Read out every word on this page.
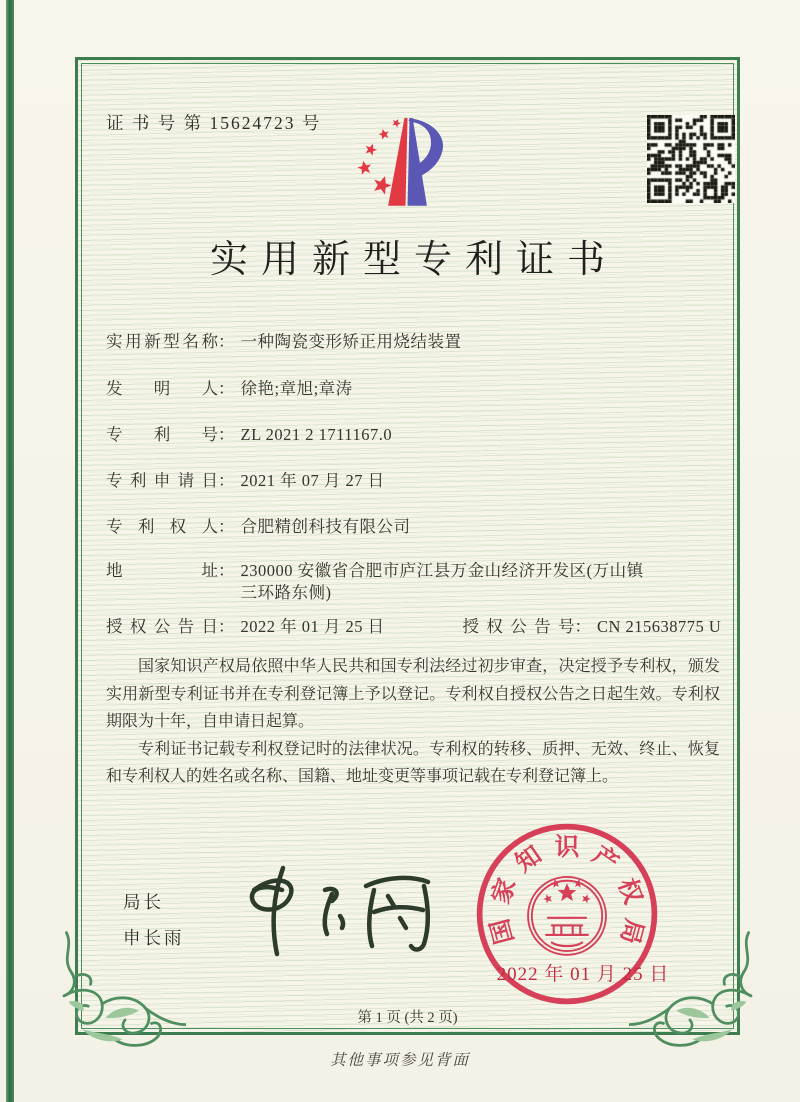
证 书 号 第 15624723 号
实用新型专利证书
实用新型名称 ： 一种陶瓷变形矫正用烧结装置
发明人 ： 徐艳;章旭;章涛
专利号 ： ZL 2021 2 1711167.0
专利申请日 ： 2021 年 07 月 27 日
专利权人 ： 合肥精创科技有限公司
地址 ： 230000 安徽省合肥市庐江县万金山经济开发区(万山镇三环路东侧)
授权公告日 ： 2022 年 01 月 25 日	授权公告号 ： CN 215638775 U

国家知识产权局依照中华人民共和国专利法经过初步审查，决定授予专利权，颁发实用新型专利证书并在专利登记簿上予以登记。专利权自授权公告之日起生效。专利权期限为十年，自申请日起算。

专利证书记载专利权登记时的法律状况。专利权的转移、质押、无效、终止、恢复和专利权人的姓名或名称、国籍、地址变更等事项记载在专利登记簿上。

局长
申长雨	国
家
知 识 产
权
局
2022 年 01 月 25 日
第 1 页 (共 2 页)
其他事项参见背面
